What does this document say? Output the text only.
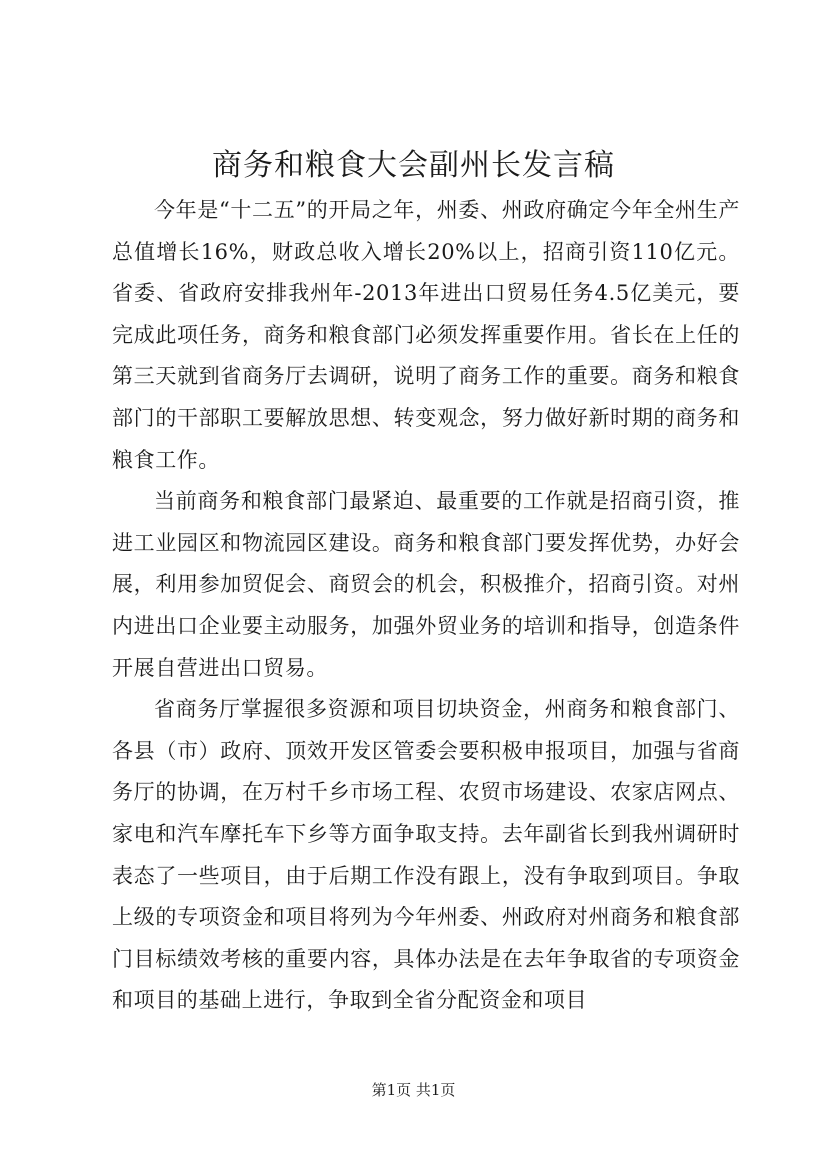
商务和粮食大会副州长发言稿

今年是“十二五”的开局之年，州委、州政府确定今年全州生产总值增长16%，财政总收入增长20%以上，招商引资110亿元。省委、省政府安排我州年-2013年进出口贸易任务4.5亿美元，要完成此项任务，商务和粮食部门必须发挥重要作用。省长在上任的第三天就到省商务厅去调研，说明了商务工作的重要。商务和粮食部门的干部职工要解放思想、转变观念，努力做好新时期的商务和粮食工作。

当前商务和粮食部门最紧迫、最重要的工作就是招商引资，推进工业园区和物流园区建设。商务和粮食部门要发挥优势，办好会展，利用参加贸促会、商贸会的机会，积极推介，招商引资。对州内进出口企业要主动服务，加强外贸业务的培训和指导，创造条件开展自营进出口贸易。

省商务厅掌握很多资源和项目切块资金，州商务和粮食部门、各县（市）政府、顶效开发区管委会要积极申报项目，加强与省商务厅的协调，在万村千乡市场工程、农贸市场建设、农家店网点、家电和汽车摩托车下乡等方面争取支持。去年副省长到我州调研时表态了一些项目，由于后期工作没有跟上，没有争取到项目。争取上级的专项资金和项目将列为今年州委、州政府对州商务和粮食部门目标绩效考核的重要内容，具体办法是在去年争取省的专项资金和项目的基础上进行，争取到全省分配资金和项目

第1页 共1页
